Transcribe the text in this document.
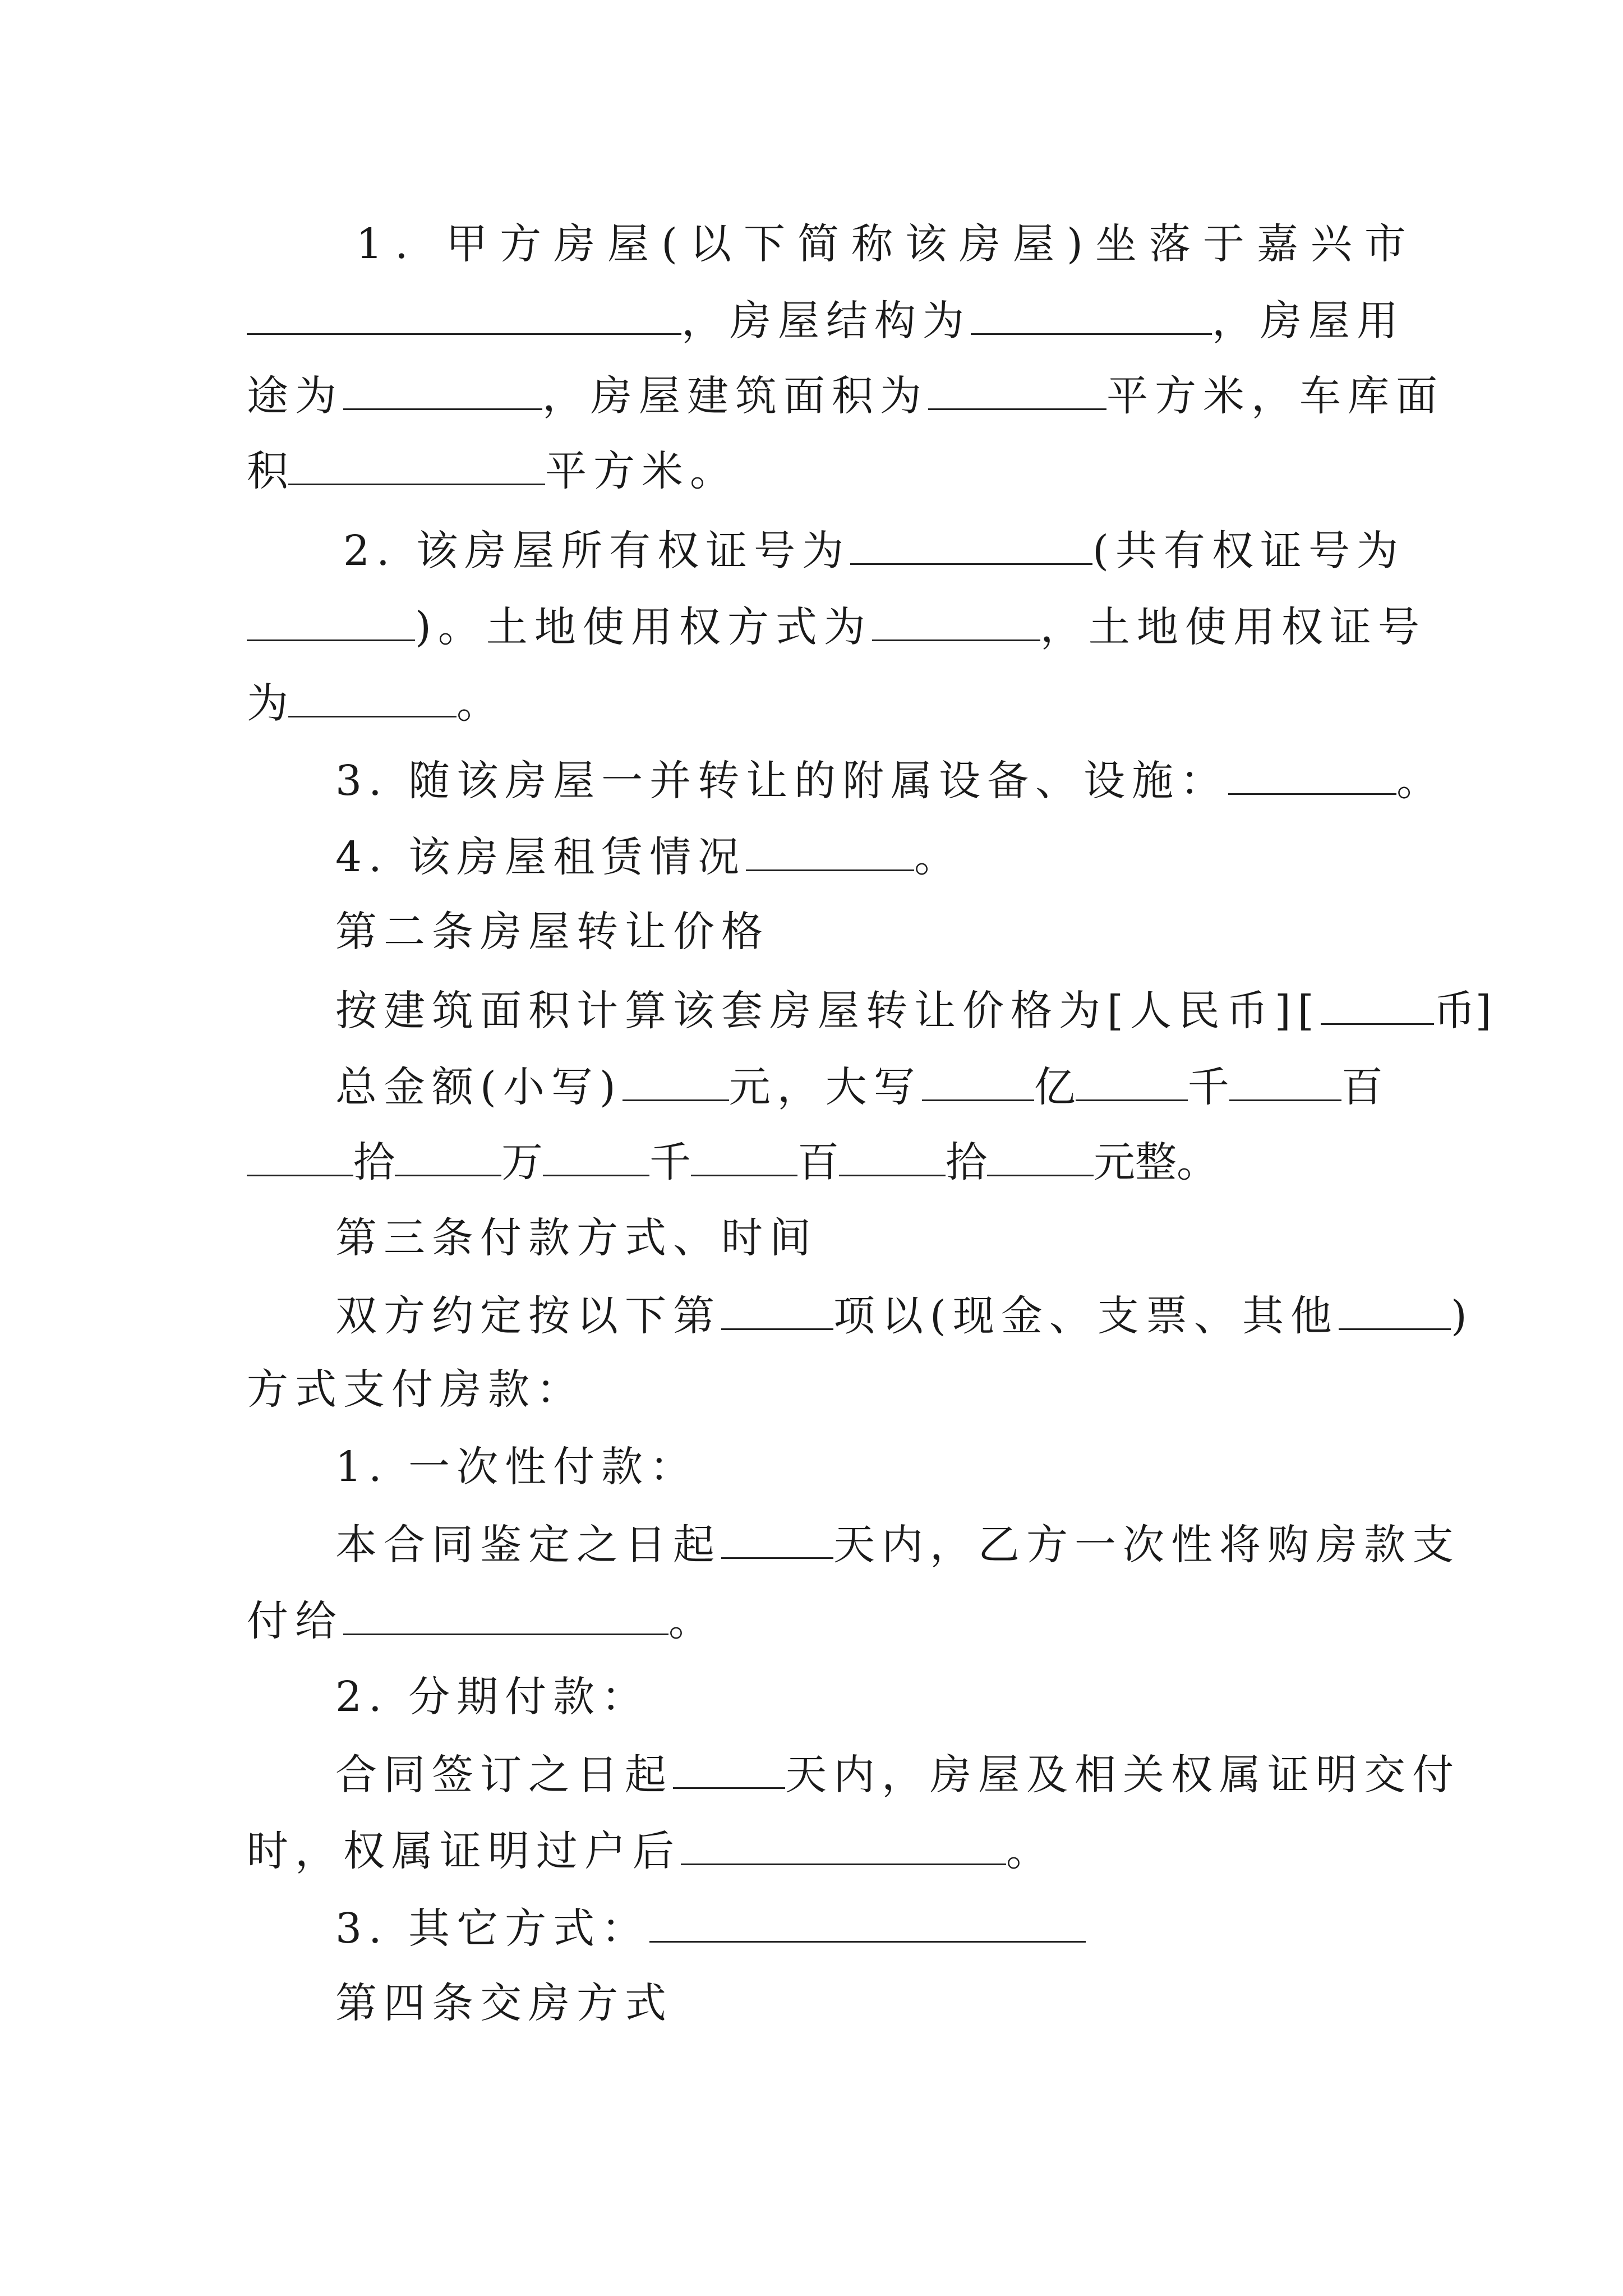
1. 甲方房屋(以下简称该房屋)坐落于嘉兴市
，房屋结构为	，房屋用
途为	，房屋建筑面积为	平方米，车库面
积	平方米。
2. 该房屋所有权证号为	(共有权证号为
)。土地使用权方式为	，土地使用权证号
为	。
3. 随该房屋一并转让的附属设备、设施：	。
4. 该房屋租赁情况	。
第二条房屋转让价格
按建筑面积计算该套房屋转让价格为[人民币][	币]
总金额(小写)	元，大写	亿	千	百
拾	万	千	百	拾	元整。
第三条付款方式、时间
双方约定按以下第	项以(现金、支票、其他	)
方式支付房款：
1. 一次性付款：
本合同鉴定之日起	天内，乙方一次性将购房款支
付给	。
2. 分期付款：
合同签订之日起	天内，房屋及相关权属证明交付
时，权属证明过户后	。
3. 其它方式：
第四条交房方式
